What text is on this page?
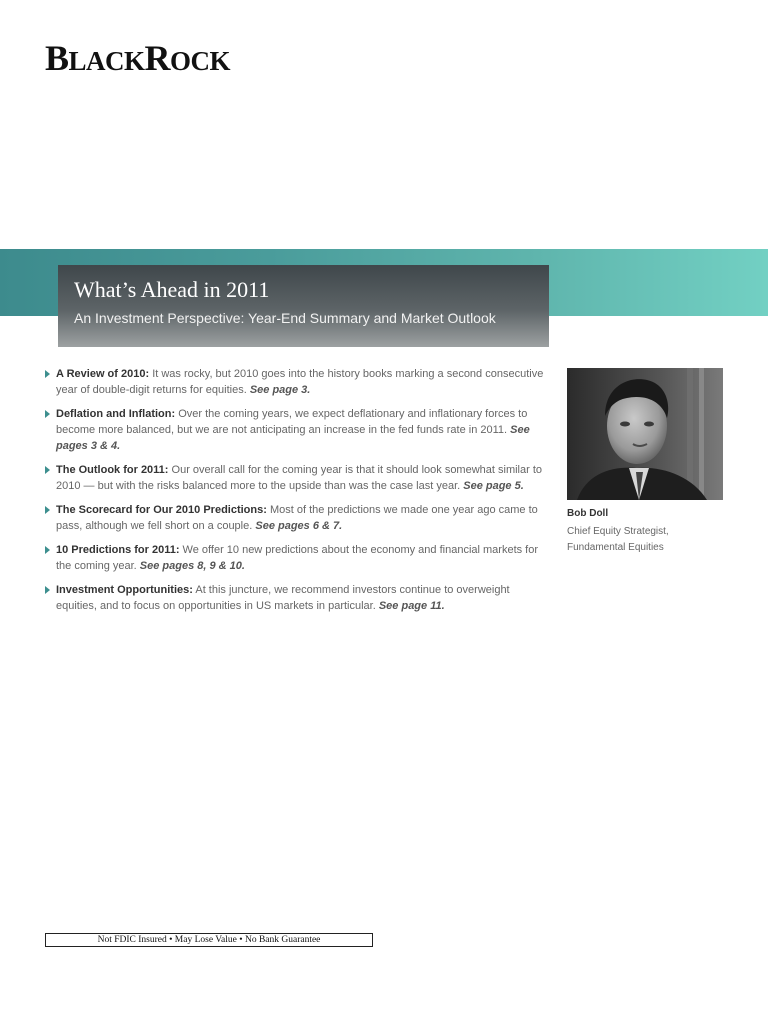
BLACKROCK
What’s Ahead in 2011
An Investment Perspective: Year-End Summary and Market Outlook
A Review of 2010: It was rocky, but 2010 goes into the history books marking a second consecutive year of double-digit returns for equities. See page 3.
Deflation and Inflation: Over the coming years, we expect deflationary and inflationary forces to become more balanced, but we are not anticipating an increase in the fed funds rate in 2011. See pages 3 & 4.
The Outlook for 2011: Our overall call for the coming year is that it should look somewhat similar to 2010 — but with the risks balanced more to the upside than was the case last year. See page 5.
The Scorecard for Our 2010 Predictions: Most of the predictions we made one year ago came to pass, although we fell short on a couple. See pages 6 & 7.
10 Predictions for 2011: We offer 10 new predictions about the economy and financial markets for the coming year. See pages 8, 9 & 10.
Investment Opportunities: At this juncture, we recommend investors continue to overweight equities, and to focus on opportunities in US markets in particular. See page 11.
Bob Doll
Chief Equity Strategist,
Fundamental Equities
Not FDIC Insured • May Lose Value • No Bank Guarantee
